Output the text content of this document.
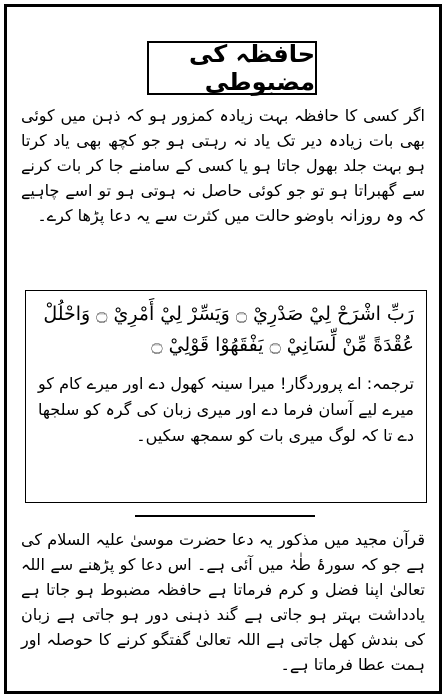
حافظہ کی مضبوطی
اگر کسی کا حافظہ بہت زیادہ کمزور ہو کہ ذہن میں کوئی بھی بات زیادہ دیر تک یاد نہ رہتی ہو جو کچھ بھی یاد کرتا ہو بہت جلد بھول جاتا ہو یا کسی کے سامنے جا کر بات کرنے سے گھبراتا ہو تو جو کوئی حاصل نہ ہوتی ہو تو اسے چاہیے کہ وہ روزانہ باوضو حالت میں کثرت سے یہ دعا پڑھا کرے۔
رَبِّ اشْرَحْ لِيْ صَدْرِيْ ۝ وَيَسِّرْ لِيْ أَمْرِيْ ۝ وَاحْلُلْ عُقْدَةً مِّنْ لِّسَانِيْ ۝ يَفْقَهُوْا قَوْلِيْ ۝
ترجمہ: اے پروردگار! میرا سینہ کھول دے اور میرے کام کو میرے لیے آسان فرما دے اور میری زبان کی گرہ کو سلجھا دے تا کہ لوگ میری بات کو سمجھ سکیں۔
قرآن مجید میں مذکور یہ دعا حضرت موسیٰ علیہ السلام کی ہے جو کہ سورۂ طٰہٰ میں آئی ہے۔ اس دعا کو پڑھنے سے اللہ تعالیٰ اپنا فضل و کرم فرماتا ہے حافظہ مضبوط ہو جاتا ہے یادداشت بہتر ہو جاتی ہے گند ذہنی دور ہو جاتی ہے زبان کی بندش کھل جاتی ہے اللہ تعالیٰ گفتگو کرنے کا حوصلہ اور ہمت عطا فرماتا ہے۔
